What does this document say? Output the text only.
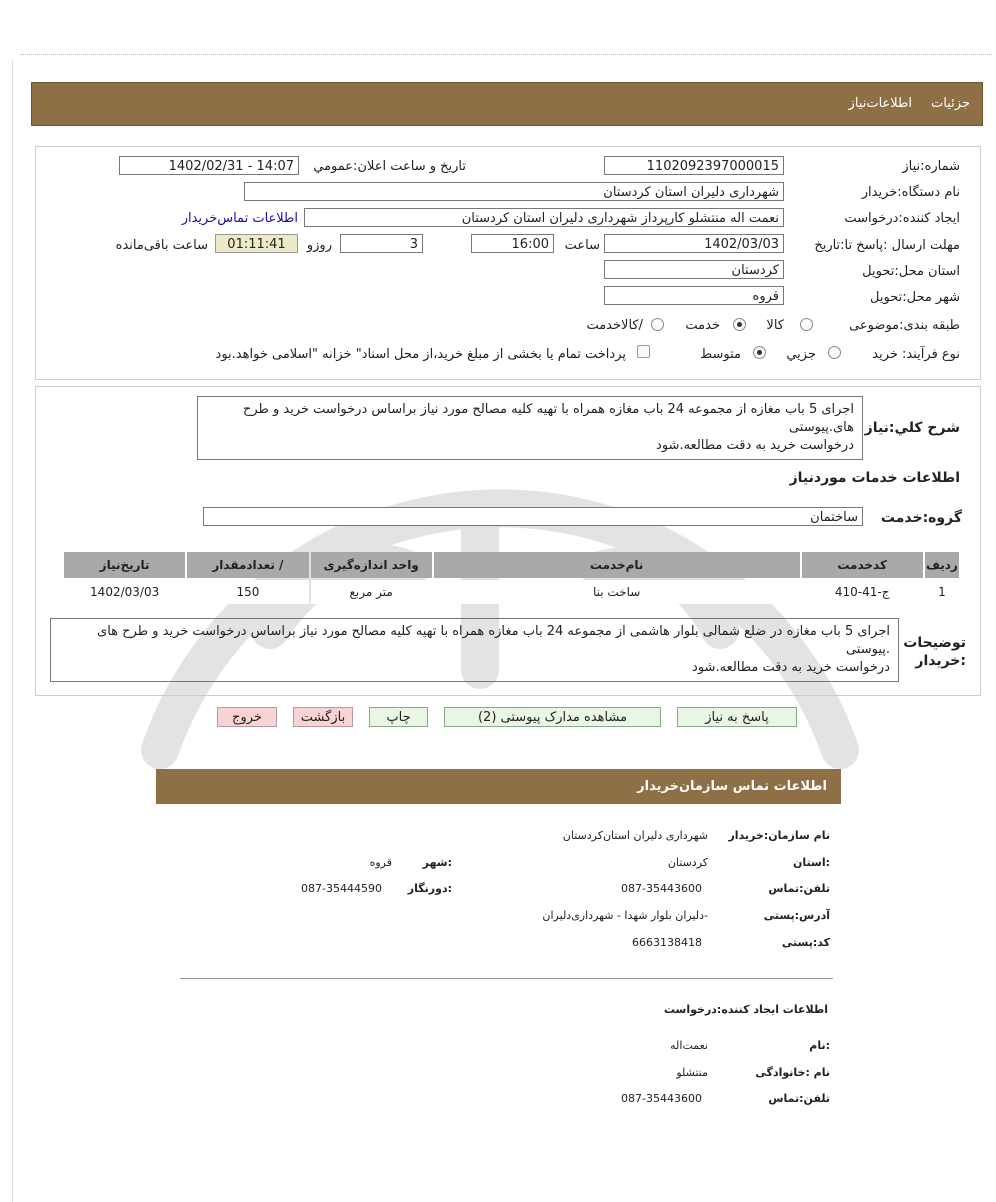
جزئیات
اطلاعات‌نیاز
شماره‌:نیاز
1102092397000015
تاریخ و ساعت اعلان:عمومي
1402/02/31 - 14:07
نام دستگاه:خریدار
شهرداری دلیران استان کردستان
ایجاد کننده:درخواست
نعمت اله منتشلو کارپرداز شهرداری دلیران استان کردستان
اطلاعات تماس‌خریدار
مهلت ارسال :پاسخ تا:تاریخ
1402/03/03
ساعت
16:00
3
روزو
01:11:41
ساعت باقی‌مانده
استان محل:تحویل
کردستان
شهر محل:تحویل
قروه
طبقه بندی:موضوعی
کالا
خدمت
/کالاخدمت
نوع فرآیند: خرید
جزیي
متوسط
پرداخت تمام یا بخشی از مبلغ خرید،از محل اسناد" خزانه "اسلامی خواهد.بود
شرح کلي:نیاز
اجرای 5 باب مغازه از مجموعه 24 باب مغازه همراه با تهیه کلیه مصالح مورد نیاز براساس درخواست خرید و طرح
های.پیوستی
درخواست خرید به دقت مطالعه.شود
اطلاعات خدمات موردنیاز
گروه:خدمت
ساختمان
ردیف	کدخدمت	نام‌خدمت	واحد اندازه‌گیری	/ تعدادمقدار	تاریخ‌نیاز
1	ج-41-410	ساخت بنا	متر مربع	150	1402/03/03
توضیحات :خریدار
اجرای 5 باب مغازه در ضلع شمالی بلوار هاشمی از مجموعه 24 باب مغازه همراه با تهیه کلیه مصالح مورد نیاز براساس درخواست خرید و طرح های
.پیوستی
درخواست خرید به دقت مطالعه.شود
پاسخ به نیاز
مشاهده مدارک پیوستی (2)
چاپ
بازگشت
خروج
اطلاعات تماس سازمان‌خریدار
نام سازمان:خریدار
شهرداری دلیران استان‌کردستان
:استان
کردستان
:شهر
قروه
تلفن:تماس
087-35443600
:دورنگار
087-35444590
آدرس:پستی
-دلیران بلوار شهدا - شهرداری‌دلیران
کد:پستی
6663138418
اطلاعات ایجاد کننده:درخواست
:نام
نعمت‌اله
نام :خانوادگی
منتشلو
تلفن:تماس
087-35443600
